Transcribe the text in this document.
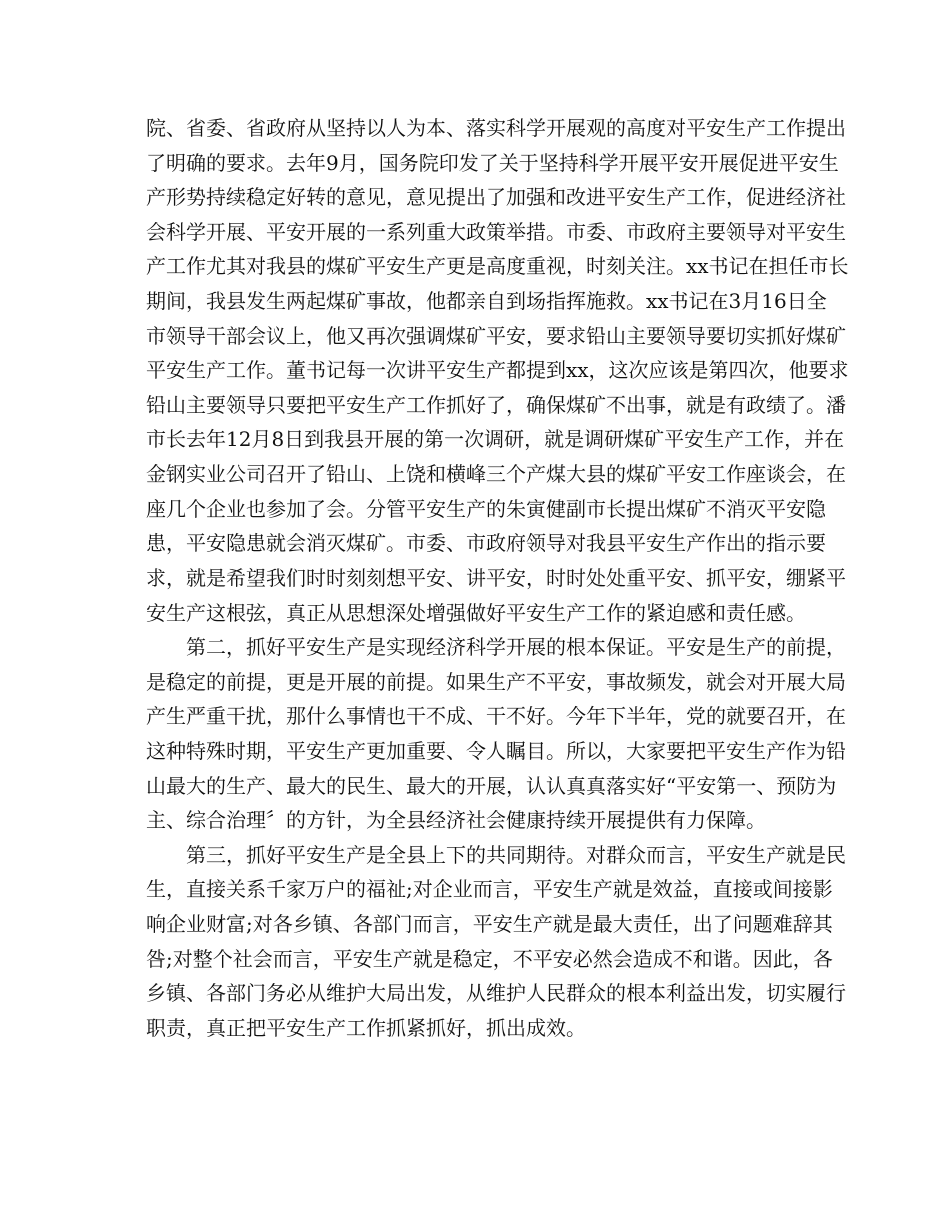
院、省委、省政府从坚持以人为本、落实科学开展观的高度对平安生产工作提出
了明确的要求。去年9月，国务院印发了关于坚持科学开展平安开展促进平安生
产形势持续稳定好转的意见，意见提出了加强和改进平安生产工作，促进经济社
会科学开展、平安开展的一系列重大政策举措。市委、市政府主要领导对平安生
产工作尤其对我县的煤矿平安生产更是高度重视，时刻关注。xx书记在担任市长
期间，我县发生两起煤矿事故，他都亲自到场指挥施救。xx书记在3月16日全
市领导干部会议上，他又再次强调煤矿平安，要求铅山主要领导要切实抓好煤矿
平安生产工作。董书记每一次讲平安生产都提到xx，这次应该是第四次，他要求
铅山主要领导只要把平安生产工作抓好了，确保煤矿不出事，就是有政绩了。潘
市长去年12月8日到我县开展的第一次调研，就是调研煤矿平安生产工作，并在
金钢实业公司召开了铅山、上饶和横峰三个产煤大县的煤矿平安工作座谈会，在
座几个企业也参加了会。分管平安生产的朱寅健副市长提出煤矿不消灭平安隐
患，平安隐患就会消灭煤矿。市委、市政府领导对我县平安生产作出的指示要
求，就是希望我们时时刻刻想平安、讲平安，时时处处重平安、抓平安，绷紧平
安生产这根弦，真正从思想深处增强做好平安生产工作的紧迫感和责任感。
第二，抓好平安生产是实现经济科学开展的根本保证。平安是生产的前提，
是稳定的前提，更是开展的前提。如果生产不平安，事故频发，就会对开展大局
产生严重干扰，那什么事情也干不成、干不好。今年下半年，党的就要召开，在
这种特殊时期，平安生产更加重要、令人瞩目。所以，大家要把平安生产作为铅
山最大的生产、最大的民生、最大的开展，认认真真落实好“平安第一、预防为
主、综合治理〞的方针，为全县经济社会健康持续开展提供有力保障。
第三，抓好平安生产是全县上下的共同期待。对群众而言，平安生产就是民
生，直接关系千家万户的福祉;对企业而言，平安生产就是效益，直接或间接影
响企业财富;对各乡镇、各部门而言，平安生产就是最大责任，出了问题难辞其
咎;对整个社会而言，平安生产就是稳定，不平安必然会造成不和谐。因此，各
乡镇、各部门务必从维护大局出发，从维护人民群众的根本利益出发，切实履行
职责，真正把平安生产工作抓紧抓好，抓出成效。
